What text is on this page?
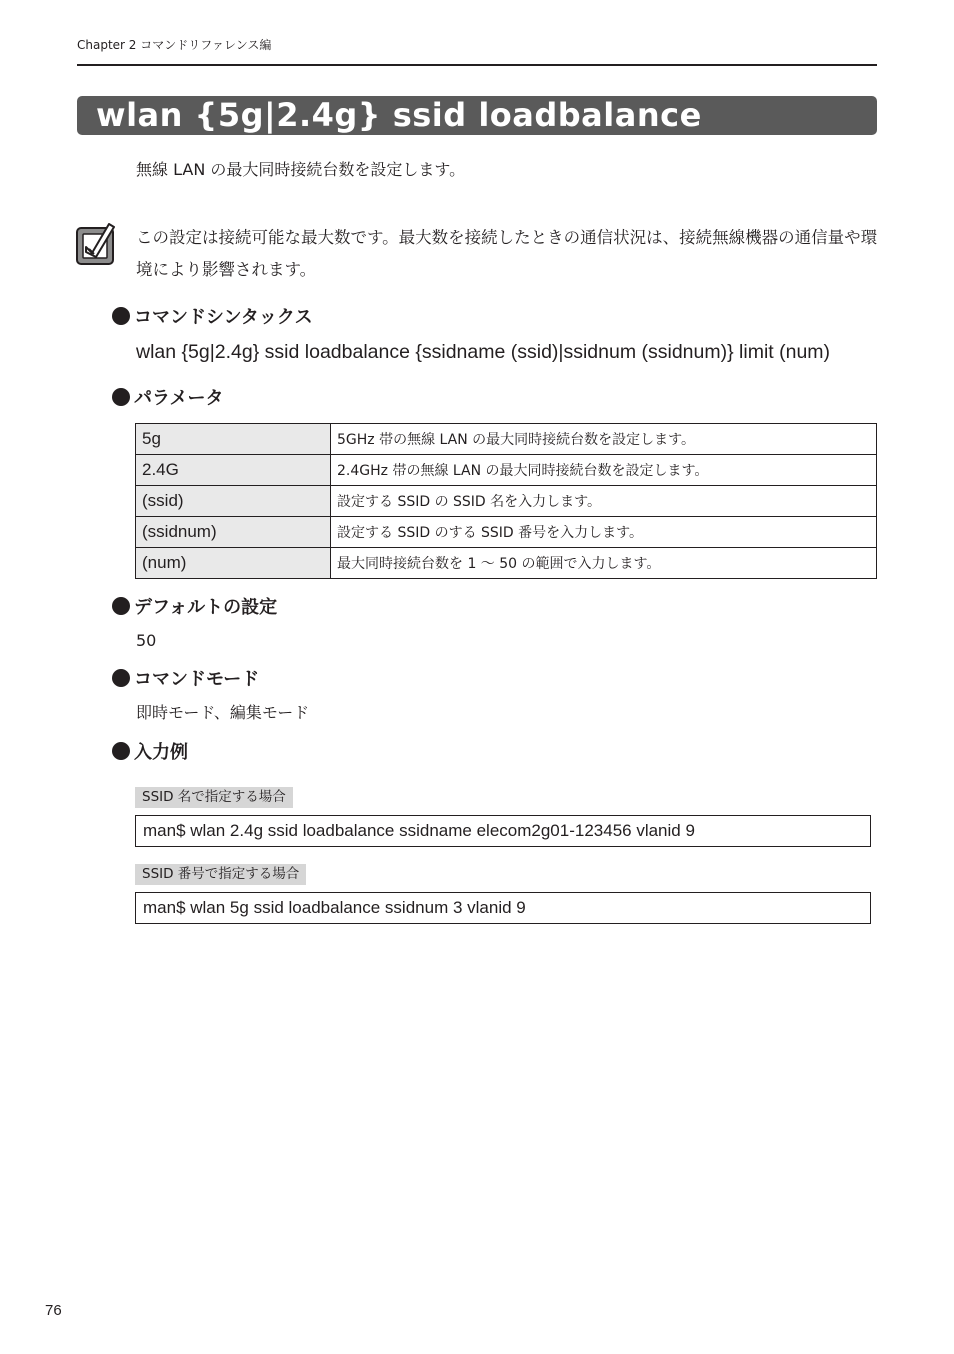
Chapter 2 コマンドリファレンス編
wlan {5g|2.4g} ssid loadbalance
無線 LAN の最大同時接続台数を設定します。
この設定は接続可能な最大数です。最大数を接続したときの通信状況は、接続無線機器の通信量や環境により影響されます。
コマンドシンタックス
wlan {5g|2.4g} ssid loadbalance {ssidname (ssid)|ssidnum (ssidnum)} limit (num)
パラメータ
5g	5GHz 帯の無線 LAN の最大同時接続台数を設定します。
2.4G	2.4GHz 帯の無線 LAN の最大同時接続台数を設定します。
(ssid)	設定する SSID の SSID 名を入力します。
(ssidnum)	設定する SSID のする SSID 番号を入力します。
(num)	最大同時接続台数を 1 〜 50 の範囲で入力します。
デフォルトの設定
50
コマンドモード
即時モード、編集モード
入力例
SSID 名で指定する場合
man$ wlan 2.4g ssid loadbalance ssidname elecom2g01-123456 vlanid 9
SSID 番号で指定する場合
man$ wlan 5g ssid loadbalance ssidnum 3 vlanid 9
76
